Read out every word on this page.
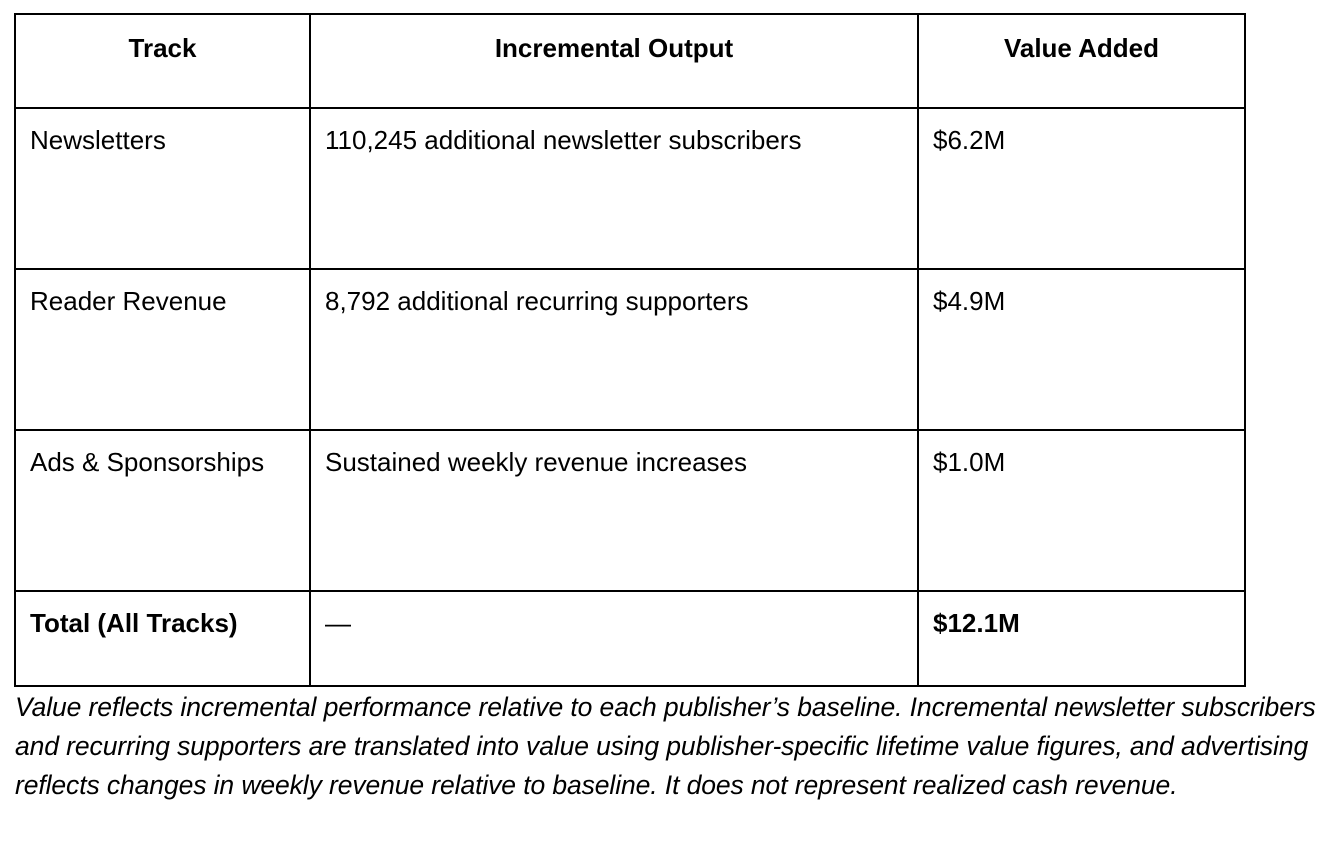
Track	Incremental Output	Value Added
Newsletters	110,245 additional newsletter subscribers	$6.2M
Reader Revenue	8,792 additional recurring supporters	$4.9M
Ads & Sponsorships	Sustained weekly revenue increases	$1.0M
Total (All Tracks)	—	$12.1M

Value reflects incremental performance relative to each publisher’s baseline. Incremental newsletter subscribers and recurring supporters are translated into value using publisher-specific lifetime value figures, and advertising reflects changes in weekly revenue relative to baseline. It does not represent realized cash revenue.
